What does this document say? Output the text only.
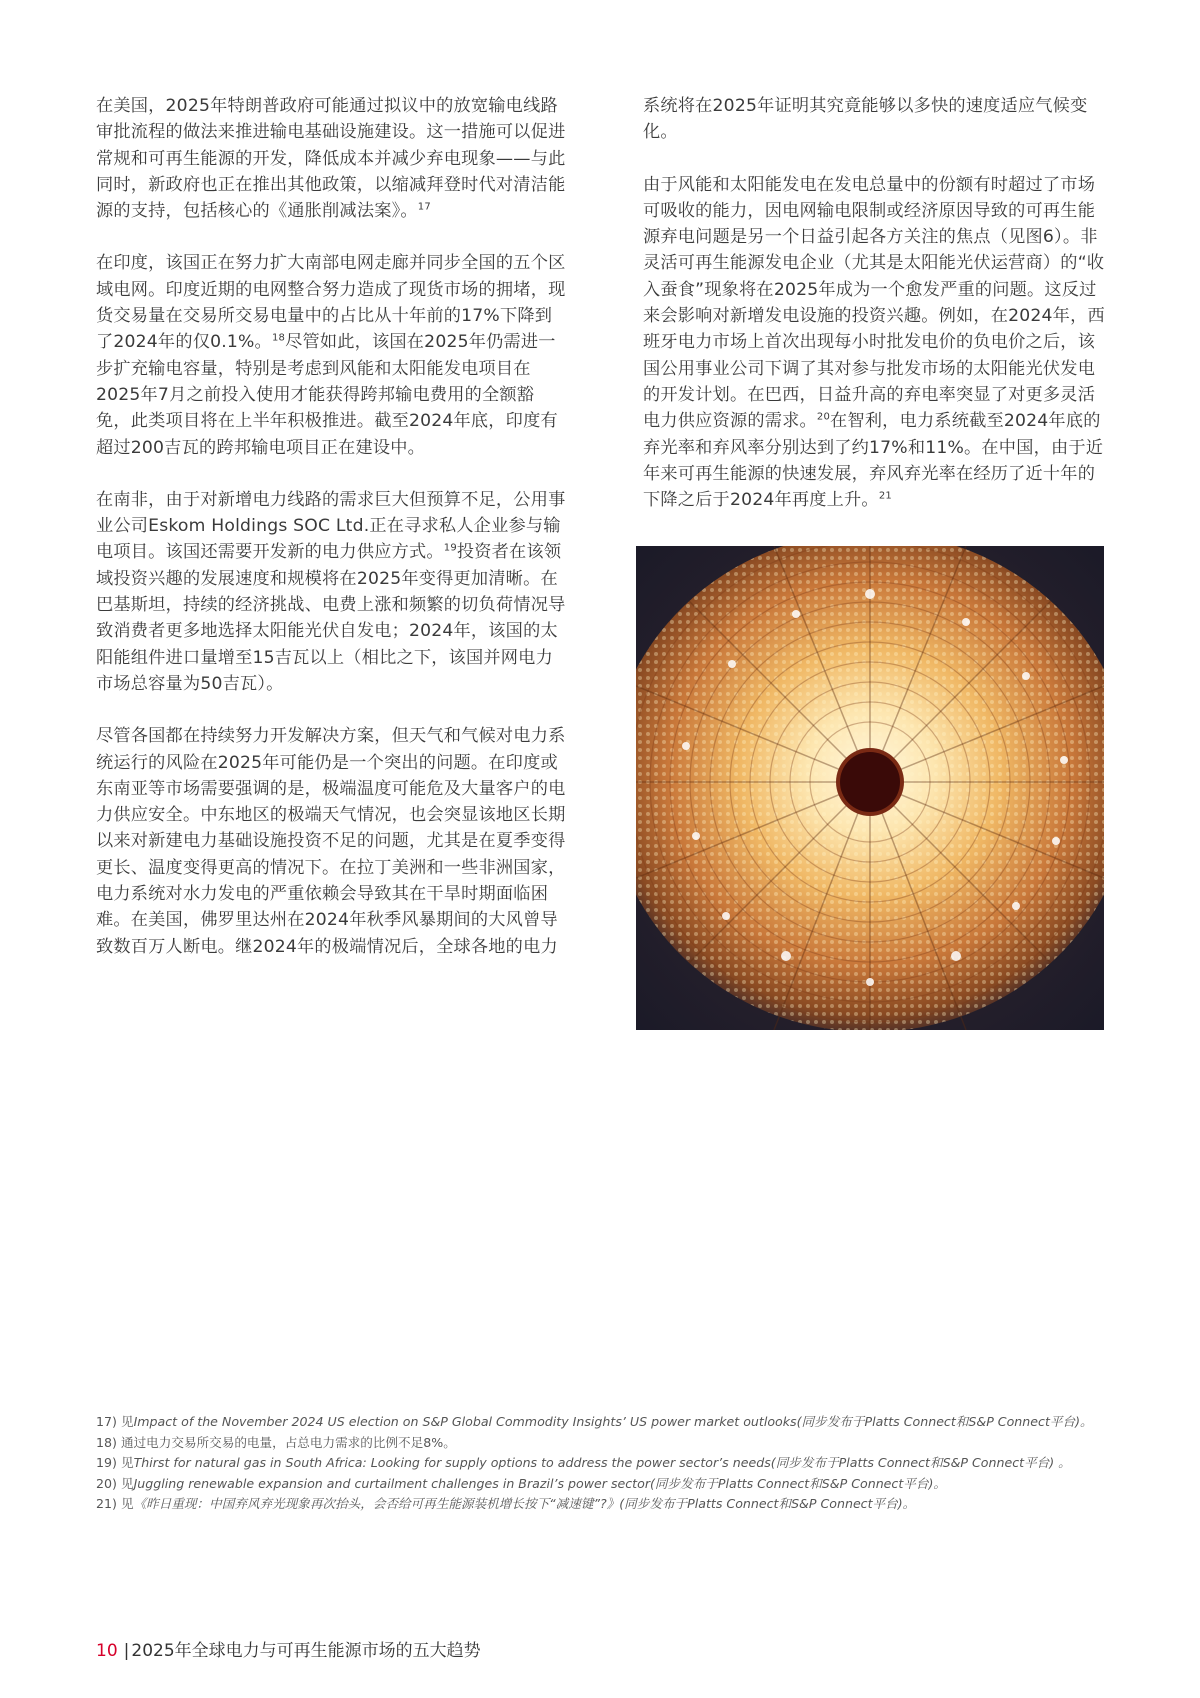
在美国，2025年特朗普政府可能通过拟议中的放宽输电线路审批流程的做法来推进输电基础设施建设。这一措施可以促进常规和可再生能源的开发，降低成本并减少弃电现象——与此同时，新政府也正在推出其他政策，以缩减拜登时代对清洁能源的支持，包括核心的《通胀削减法案》。$^{17}$

在印度，该国正在努力扩大南部电网走廊并同步全国的五个区域电网。印度近期的电网整合努力造成了现货市场的拥堵，现货交易量在交易所交易电量中的占比从十年前的17%下降到了2024年的仅0.1%。$^{18}$尽管如此，该国在2025年仍需进一步扩充输电容量，特别是考虑到风能和太阳能发电项目在2025年7月之前投入使用才能获得跨邦输电费用的全额豁免，此类项目将在上半年积极推进。截至2024年底，印度有超过200吉瓦的跨邦输电项目正在建设中。

在南非，由于对新增电力线路的需求巨大但预算不足，公用事业公司Eskom Holdings SOC Ltd.正在寻求私人企业参与输电项目。该国还需要开发新的电力供应方式。$^{19}$投资者在该领域投资兴趣的发展速度和规模将在2025年变得更加清晰。在巴基斯坦，持续的经济挑战、电费上涨和频繁的切负荷情况导致消费者更多地选择太阳能光伏自发电；2024年，该国的太阳能组件进口量增至15吉瓦以上（相比之下，该国并网电力市场总容量为50吉瓦）。

尽管各国都在持续努力开发解决方案，但天气和气候对电力系统运行的风险在2025年可能仍是一个突出的问题。在印度或东南亚等市场需要强调的是，极端温度可能危及大量客户的电力供应安全。中东地区的极端天气情况，也会突显该地区长期以来对新建电力基础设施投资不足的问题，尤其是在夏季变得更长、温度变得更高的情况下。在拉丁美洲和一些非洲国家，电力系统对水力发电的严重依赖会导致其在干旱时期面临困难。在美国，佛罗里达州在2024年秋季风暴期间的大风曾导致数百万人断电。继2024年的极端情况后，全球各地的电力

系统将在2025年证明其究竟能够以多快的速度适应气候变化。

由于风能和太阳能发电在发电总量中的份额有时超过了市场可吸收的能力，因电网输电限制或经济原因导致的可再生能源弃电问题是另一个日益引起各方关注的焦点（见图6）。非灵活可再生能源发电企业（尤其是太阳能光伏运营商）的“收入蚕食”现象将在2025年成为一个愈发严重的问题。这反过来会影响对新增发电设施的投资兴趣。例如，在2024年，西班牙电力市场上首次出现每小时批发电价的负电价之后，该国公用事业公司下调了其对参与批发市场的太阳能光伏发电的开发计划。在巴西，日益升高的弃电率突显了对更多灵活电力供应资源的需求。$^{20}$在智利，电力系统截至2024年底的弃光率和弃风率分别达到了约17%和11%。在中国，由于近年来可再生能源的快速发展，弃风弃光率在经历了近十年的下降之后于2024年再度上升。$^{21}$

17) 见Impact of the November 2024 US election on S&P Global Commodity Insights’ US power market outlooks(同步发布于Platts Connect和S&P Connect平台)。

18) 通过电力交易所交易的电量，占总电力需求的比例不足8%。

19) 见Thirst for natural gas in South Africa: Looking for supply options to address the power sector’s needs(同步发布于Platts Connect和S&P Connect平台) 。

20) 见Juggling renewable expansion and curtailment challenges in Brazil’s power sector(同步发布于Platts Connect和S&P Connect平台)。

21) 见《昨日重现：中国弃风弃光现象再次抬头，会否给可再生能源装机增长按下“减速键”?》(同步发布于Platts Connect和S&P Connect平台)。

10 | 2025年全球电力与可再生能源市场的五大趋势
